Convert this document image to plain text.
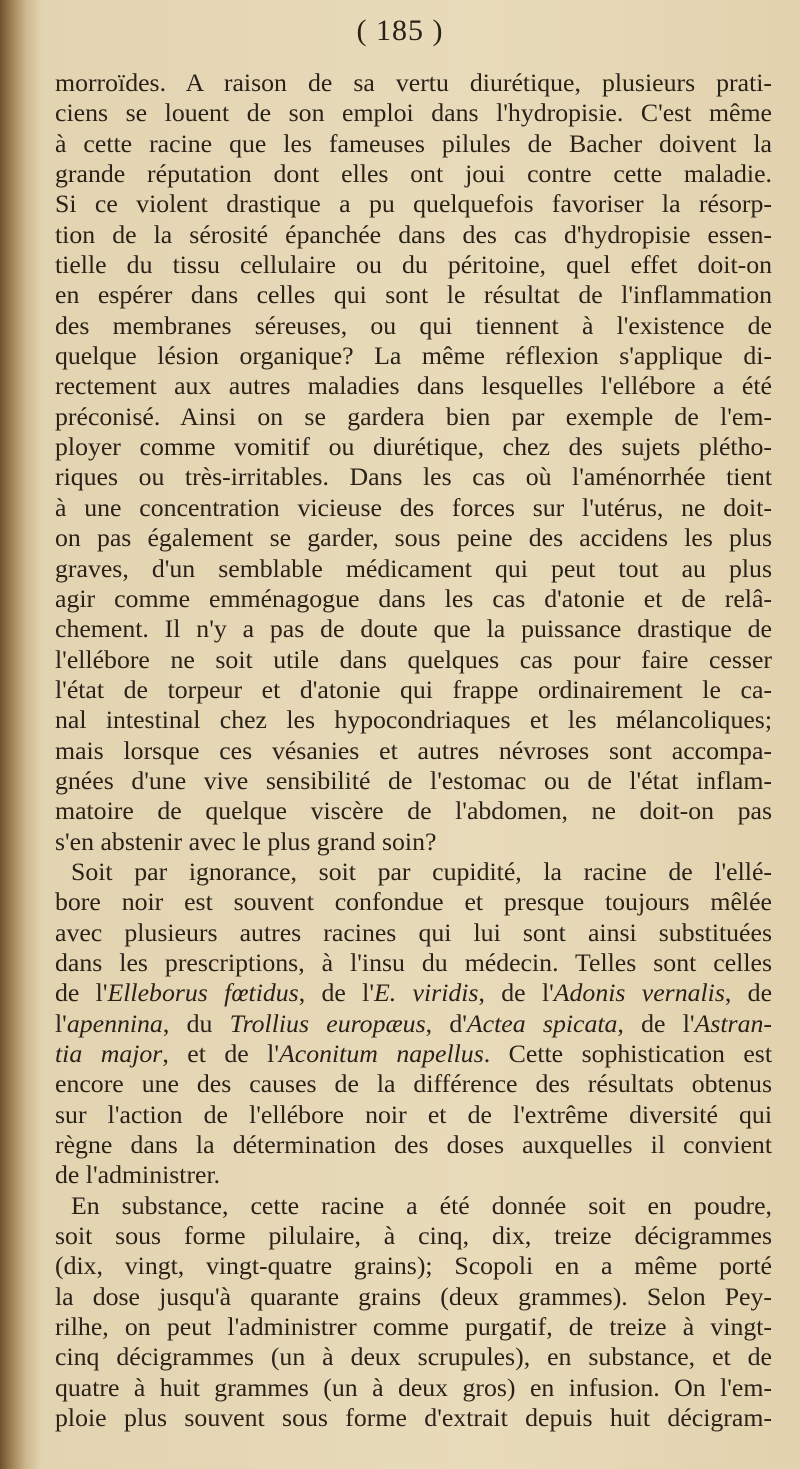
( 185 )
morroïdes. A raison de sa vertu diurétique, plusieurs prati-
ciens se louent de son emploi dans l'hydropisie. C'est même
à cette racine que les fameuses pilules de Bacher doivent la
grande réputation dont elles ont joui contre cette maladie.
Si ce violent drastique a pu quelquefois favoriser la résorp-
tion de la sérosité épanchée dans des cas d'hydropisie essen-
tielle du tissu cellulaire ou du péritoine, quel effet doit-on
en espérer dans celles qui sont le résultat de l'inflammation
des membranes séreuses, ou qui tiennent à l'existence de
quelque lésion organique? La même réflexion s'applique di-
rectement aux autres maladies dans lesquelles l'ellébore a été
préconisé. Ainsi on se gardera bien par exemple de l'em-
ployer comme vomitif ou diurétique, chez des sujets plétho-
riques ou très-irritables. Dans les cas où l'aménorrhée tient
à une concentration vicieuse des forces sur l'utérus, ne doit-
on pas également se garder, sous peine des accidens les plus
graves, d'un semblable médicament qui peut tout au plus
agir comme emménagogue dans les cas d'atonie et de relâ-
chement. Il n'y a pas de doute que la puissance drastique de
l'ellébore ne soit utile dans quelques cas pour faire cesser
l'état de torpeur et d'atonie qui frappe ordinairement le ca-
nal intestinal chez les hypocondriaques et les mélancoliques;
mais lorsque ces vésanies et autres névroses sont accompa-
gnées d'une vive sensibilité de l'estomac ou de l'état inflam-
matoire de quelque viscère de l'abdomen, ne doit-on pas
s'en abstenir avec le plus grand soin?
Soit par ignorance, soit par cupidité, la racine de l'ellé-
bore noir est souvent confondue et presque toujours mêlée
avec plusieurs autres racines qui lui sont ainsi substituées
dans les prescriptions, à l'insu du médecin. Telles sont celles
de l'Elleborus fœtidus, de l'E. viridis, de l'Adonis vernalis, de
l'apennina, du Trollius europæus, d'Actea spicata, de l'Astran-
tia major, et de l'Aconitum napellus. Cette sophistication est
encore une des causes de la différence des résultats obtenus
sur l'action de l'ellébore noir et de l'extrême diversité qui
règne dans la détermination des doses auxquelles il convient
de l'administrer.
En substance, cette racine a été donnée soit en poudre,
soit sous forme pilulaire, à cinq, dix, treize décigrammes
(dix, vingt, vingt-quatre grains); Scopoli en a même porté
la dose jusqu'à quarante grains (deux grammes). Selon Pey-
rilhe, on peut l'administrer comme purgatif, de treize à vingt-
cinq décigrammes (un à deux scrupules), en substance, et de
quatre à huit grammes (un à deux gros) en infusion. On l'em-
ploie plus souvent sous forme d'extrait depuis huit décigram-
